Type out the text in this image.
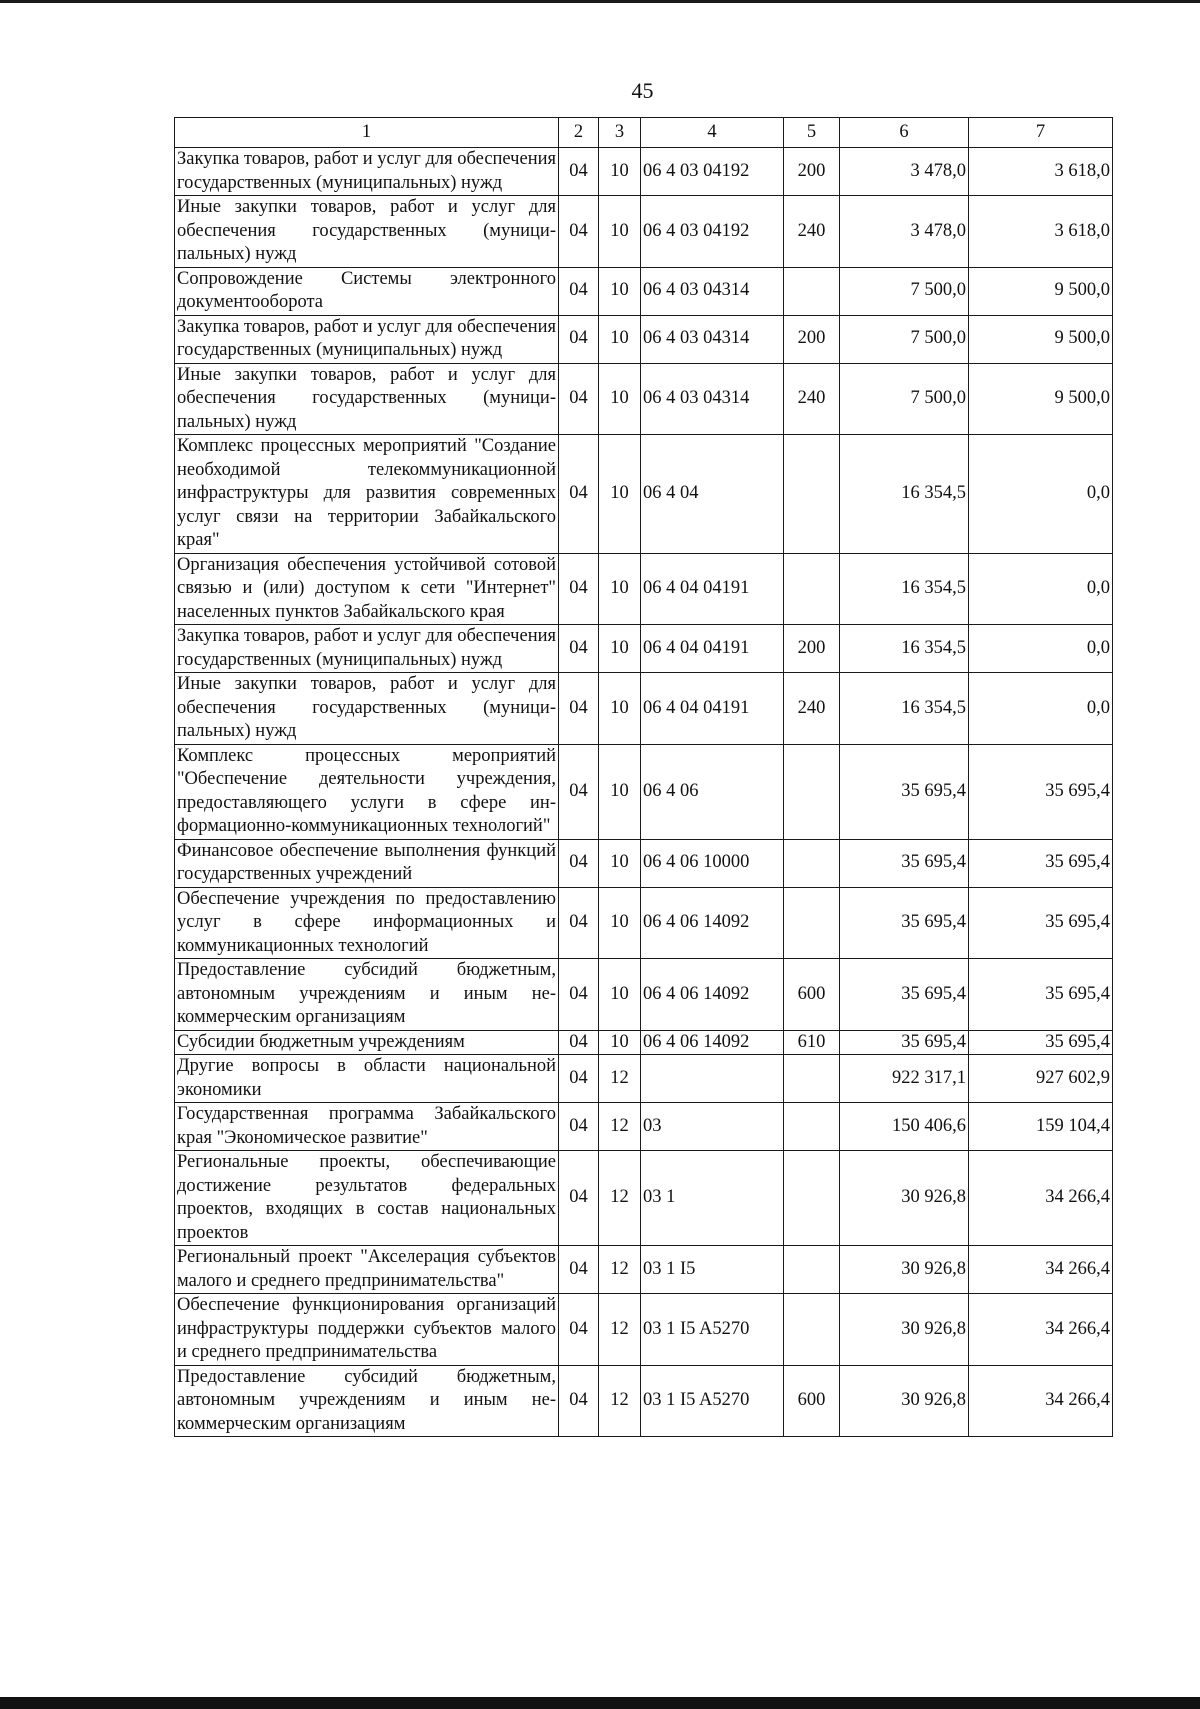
45
1	2	3	4	5	6	7
Закупка товаров, работ и услуг для обеспечения государственных (муниципальных) нужд	04	10	06 4 03 04192	200	3 478,0	3 618,0
Иные закупки товаров, работ и услуг для обеспечения государственных (муниципальных) нужд	04	10	06 4 03 04192	240	3 478,0	3 618,0
Сопровождение Системы электронного документооборота	04	10	06 4 03 04314		7 500,0	9 500,0
Закупка товаров, работ и услуг для обеспечения государственных (муниципальных) нужд	04	10	06 4 03 04314	200	7 500,0	9 500,0
Иные закупки товаров, работ и услуг для обеспечения государственных (муниципальных) нужд	04	10	06 4 03 04314	240	7 500,0	9 500,0
Комплекс процессных мероприятий "Создание необходимой телекоммуникационной инфраструктуры для развития современных услуг связи на территории Забайкальского края"	04	10	06 4 04		16 354,5	0,0
Организация обеспечения устойчивой сотовой связью и (или) доступом к сети "Интернет" населенных пунктов Забайкальского края	04	10	06 4 04 04191		16 354,5	0,0
Закупка товаров, работ и услуг для обеспечения государственных (муниципальных) нужд	04	10	06 4 04 04191	200	16 354,5	0,0
Иные закупки товаров, работ и услуг для обеспечения государственных (муниципальных) нужд	04	10	06 4 04 04191	240	16 354,5	0,0
Комплекс процессных мероприятий "Обеспечение деятельности учреждения, предоставляющего услуги в сфере информационно-коммуникационных технологий"	04	10	06 4 06		35 695,4	35 695,4
Финансовое обеспечение выполнения функций государственных учреждений	04	10	06 4 06 10000		35 695,4	35 695,4
Обеспечение учреждения по предоставлению услуг в сфере информационных и коммуникационных технологий	04	10	06 4 06 14092		35 695,4	35 695,4
Предоставление субсидий бюджетным, автономным учреждениям и иным некоммерческим организациям	04	10	06 4 06 14092	600	35 695,4	35 695,4
Субсидии бюджетным учреждениям	04	10	06 4 06 14092	610	35 695,4	35 695,4
Другие вопросы в области национальной экономики	04	12			922 317,1	927 602,9
Государственная программа Забайкальского края "Экономическое развитие"	04	12	03		150 406,6	159 104,4
Региональные проекты, обеспечивающие достижение результатов федеральных проектов, входящих в состав национальных проектов	04	12	03 1		30 926,8	34 266,4
Региональный проект "Акселерация субъектов малого и среднего предпринимательства"	04	12	03 1 I5		30 926,8	34 266,4
Обеспечение функционирования организаций инфраструктуры поддержки субъектов малого и среднего предпринимательства	04	12	03 1 I5 A5270		30 926,8	34 266,4
Предоставление субсидий бюджетным, автономным учреждениям и иным некоммерческим организациям	04	12	03 1 I5 A5270	600	30 926,8	34 266,4
